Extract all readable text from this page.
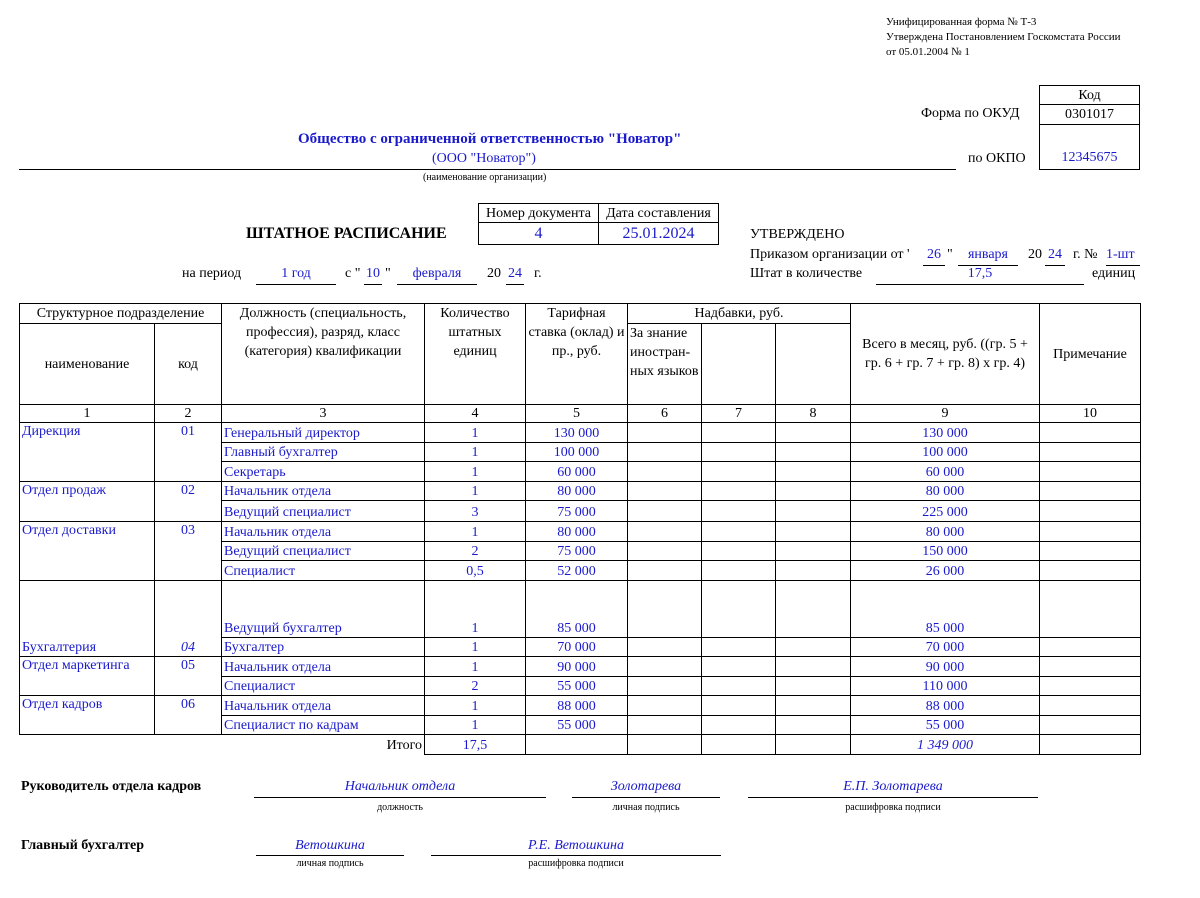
Унифицированная форма № Т-3
Утверждена Постановлением Госкомстата России
от 05.01.2004 № 1
Код
0301017
12345675
Форма по ОКУД
по ОКПО
Общество с ограниченной ответственностью "Новатор"
(ООО "Новатор")
(наименование организации)
Номер документа	Дата составления
4	25.01.2024
ШТАТНОЕ РАСПИСАНИЕ
на период	1 год	с " 10 "	февраля	20 24 г.
УТВЕРЖДЕНО
Приказом организации от ' 26 "	января	20 24 г. № 1-шт
Штат в количестве	17,5	единиц
Структурное подразделение		Должность (специальность, профессия), разряд, класс (категория) квалификации	Количество штатных единиц	Тарифная ставка (оклад) и пр., руб.	Надбавки, руб.			Всего в месяц, руб. ((гр. 5 + гр. 6 + гр. 7 + гр. 8) x гр. 4)	Примечание
наименование	код				За знание иностран-ных языков				
1	2	3	4	5	6	7	8	9	10
Дирекция	01	Генеральный директор	1	130 000				130 000	
		Главный бухгалтер	1	100 000				100 000	
		Секретарь	1	60 000				60 000	
Отдел продаж	02	Начальник отдела	1	80 000				80 000	
		Ведущий специалист	3	75 000				225 000	
Отдел доставки	03	Начальник отдела	1	80 000				80 000	
		Ведущий специалист	2	75 000				150 000	
		Специалист	0,5	52 000				26 000	
Бухгалтерия	04	Ведущий бухгалтер	1	85 000				85 000	
		Бухгалтер	1	70 000				70 000	
Отдел маркетинга	05	Начальник отдела	1	90 000				90 000	
		Специалист	2	55 000				110 000	
Отдел кадров	06	Начальник отдела	1	88 000				88 000	
		Специалист по кадрам	1	55 000				55 000	
		Итого	17,5					1 349 000	
Руководитель отдела кадров	Начальник отдела
должность
Золотарева
личная подпись
Е.П. Золотарева
расшифровка подписи
Главный бухгалтер	Ветошкина
личная подпись
Р.Е. Ветошкина
расшифровка подписи
